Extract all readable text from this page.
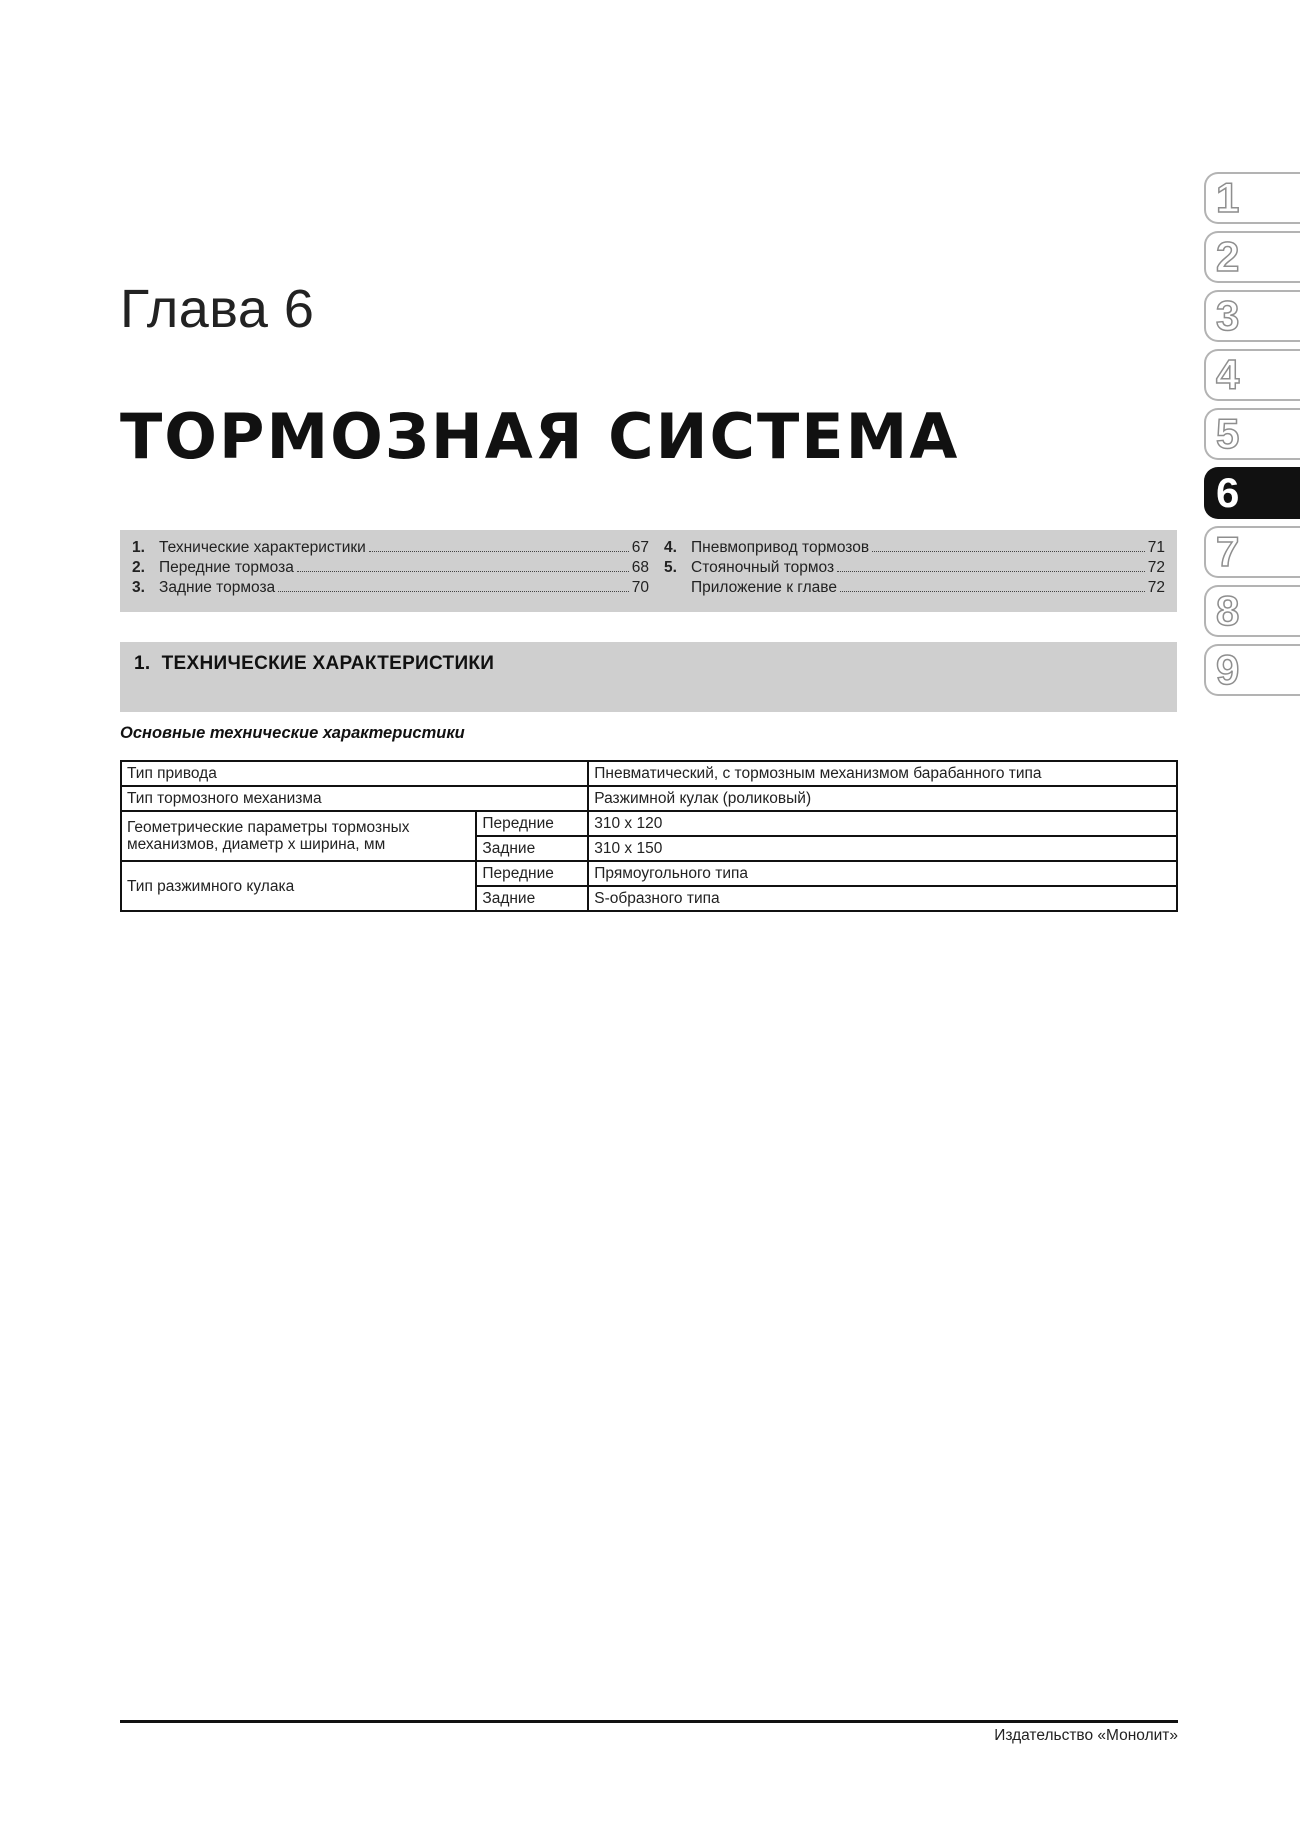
Глава 6
ТОРМОЗНАЯ СИСТЕМА
1. Технические характеристики	67
2. Передние тормоза	68
3. Задние тормоза	70
4. Пневмопривод тормозов	71
5. Стояночный тормоз	72
Приложение к главе	72
1. ТЕХНИЧЕСКИЕ ХАРАКТЕРИСТИКИ
Основные технические характеристики
Тип привода		Пневматический, с тормозным механизмом барабанного типа
Тип тормозного механизма		Разжимной кулак (роликовый)
Геометрические параметры тормозных механизмов, диаметр х ширина, мм	Передние	310 х 120
	Задние	310 х 150
Тип разжимного кулака	Передние	Прямоугольного типа
	Задние	S-образного типа
1
2
3
4
5
6
7
8
9
Издательство «Монолит»
